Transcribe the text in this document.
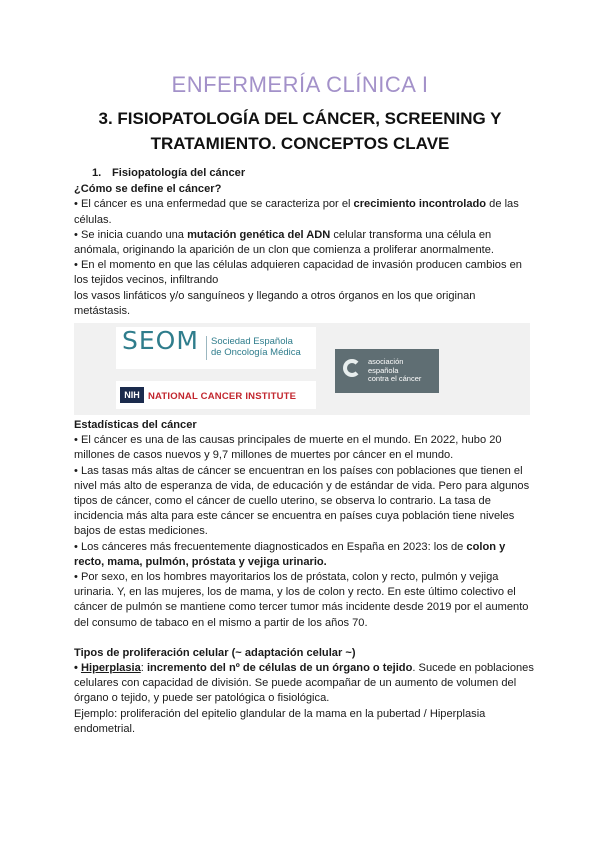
ENFERMERÍA CLÍNICA I
3. FISIOPATOLOGÍA DEL CÁNCER, SCREENING Y TRATAMIENTO. CONCEPTOS CLAVE

1. Fisiopatología del cáncer

¿Cómo se define el cáncer?

• El cáncer es una enfermedad que se caracteriza por el crecimiento incontrolado de las células.

• Se inicia cuando una mutación genética del ADN celular transforma una célula en anómala, originando la aparición de un clon que comienza a proliferar anormalmente.

• En el momento en que las células adquieren capacidad de invasión producen cambios en los tejidos vecinos, infiltrando

los vasos linfáticos y/o sanguíneos y llegando a otros órganos en los que originan metástasis.

SEOM Sociedad Española
de Oncología Médica
NIH NATIONAL CANCER INSTITUTE
asociación
española
contra el cáncer

Estadísticas del cáncer

• El cáncer es una de las causas principales de muerte en el mundo. En 2022, hubo 20 millones de casos nuevos y 9,7 millones de muertes por cáncer en el mundo.

• Las tasas más altas de cáncer se encuentran en los países con poblaciones que tienen el nivel más alto de esperanza de vida, de educación y de estándar de vida. Pero para algunos tipos de cáncer, como el cáncer de cuello uterino, se observa lo contrario. La tasa de incidencia más alta para este cáncer se encuentra en países cuya población tiene niveles bajos de estas mediciones.

• Los cánceres más frecuentemente diagnosticados en España en 2023: los de colon y recto, mama, pulmón, próstata y vejiga urinario.

• Por sexo, en los hombres mayoritarios los de próstata, colon y recto, pulmón y vejiga urinaria. Y, en las mujeres, los de mama, y los de colon y recto. En este último colectivo el cáncer de pulmón se mantiene como tercer tumor más incidente desde 2019 por el aumento del consumo de tabaco en el mismo a partir de los años 70.

Tipos de proliferación celular (~ adaptación celular ~)

• Hiperplasia: incremento del nº de células de un órgano o tejido. Sucede en poblaciones celulares con capacidad de división. Se puede acompañar de un aumento de volumen del órgano o tejido, y puede ser patológica o fisiológica.

Ejemplo: proliferación del epitelio glandular de la mama en la pubertad / Hiperplasia endometrial.
